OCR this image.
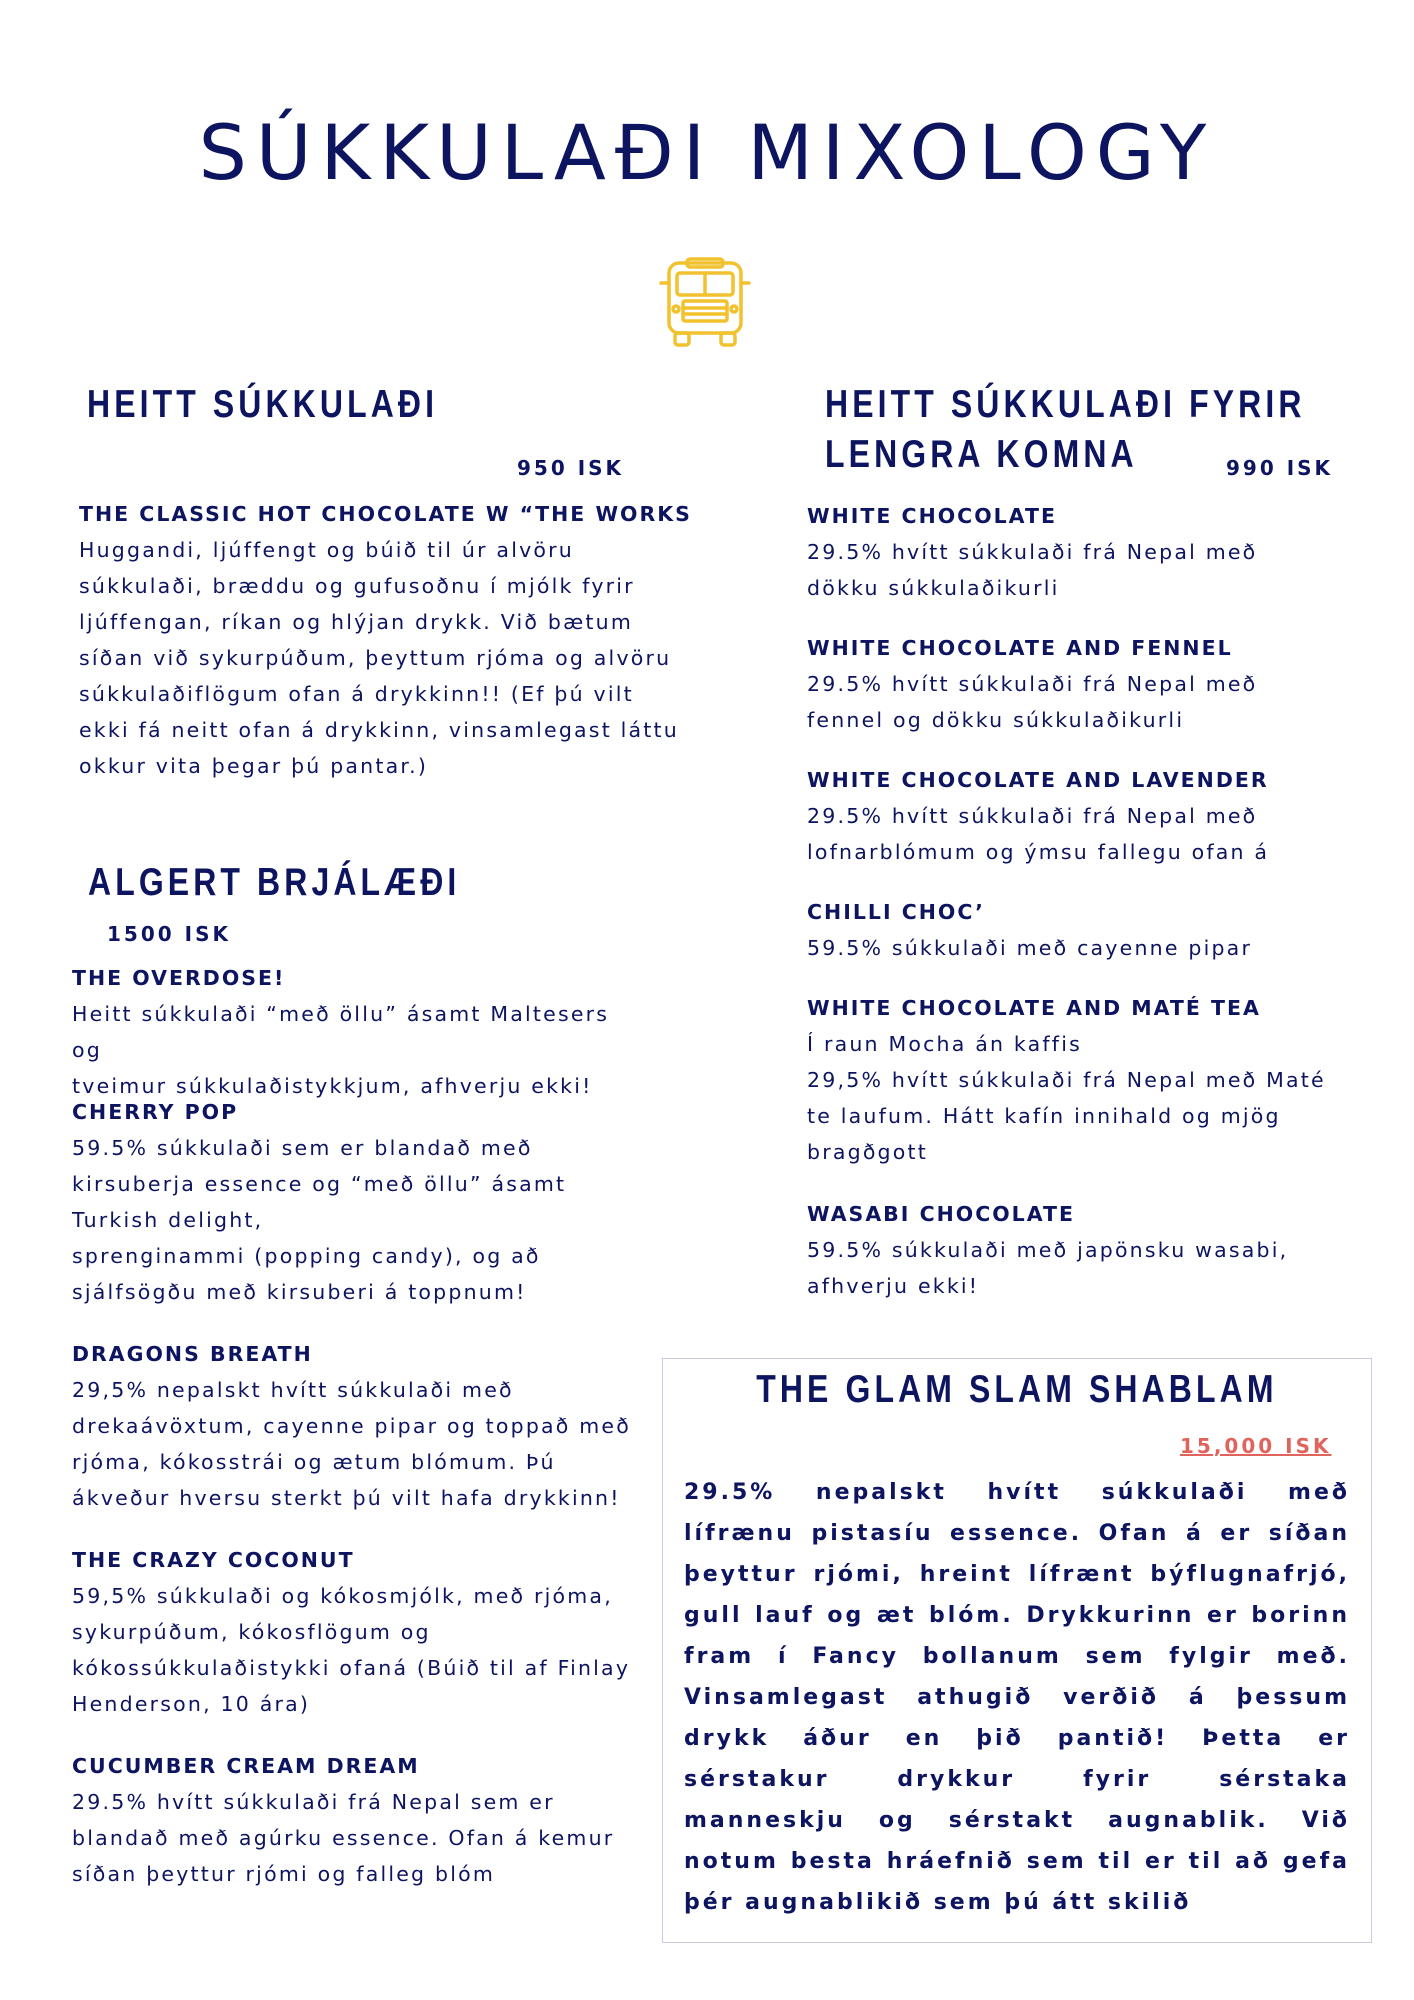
SÚKKULAÐI MIXOLOGY
HEITT SÚKKULAÐI
950 ISK
THE CLASSIC HOT CHOCOLATE W “THE WORKS
Huggandi, ljúffengt og búið til úr alvöru
súkkulaði, bræddu og gufusoðnu í mjólk fyrir
ljúffengan, ríkan og hlýjan drykk. Við bætum
síðan við sykurpúðum, þeyttum rjóma og alvöru
súkkulaðiflögum ofan á drykkinn!! (Ef þú vilt
ekki fá neitt ofan á drykkinn, vinsamlegast láttu
okkur vita þegar þú pantar.)
ALGERT BRJÁLÆÐI
1500 ISK
THE OVERDOSE!
Heitt súkkulaði “með öllu” ásamt Maltesers og
tveimur súkkulaðistykkjum, afhverju ekki!
CHERRY POP
59.5% súkkulaði sem er blandað með
kirsuberja essence og “með öllu” ásamt
Turkish delight,
sprenginammi (popping candy), og að
sjálfsögðu með kirsuberi á toppnum!
DRAGONS BREATH
29,5% nepalskt hvítt súkkulaði með
drekaávöxtum, cayenne pipar og toppað með
rjóma, kókosstrái og ætum blómum. Þú
ákveður hversu sterkt þú vilt hafa drykkinn!
THE CRAZY COCONUT
59,5% súkkulaði og kókosmjólk, með rjóma,
sykurpúðum, kókosflögum og
kókossúkkulaðistykki ofaná (Búið til af Finlay
Henderson, 10 ára)
CUCUMBER CREAM DREAM
29.5% hvítt súkkulaði frá Nepal sem er
blandað með agúrku essence. Ofan á kemur
síðan þeyttur rjómi og falleg blóm
HEITT SÚKKULAÐI FYRIR
LENGRA KOMNA	990 ISK
WHITE CHOCOLATE
29.5% hvítt súkkulaði frá Nepal með
dökku súkkulaðikurli
WHITE CHOCOLATE AND FENNEL
29.5% hvítt súkkulaði frá Nepal með
fennel og dökku súkkulaðikurli
WHITE CHOCOLATE AND LAVENDER
29.5% hvítt súkkulaði frá Nepal með
lofnarblómum og ýmsu fallegu ofan á
CHILLI CHOC’
59.5% súkkulaði með cayenne pipar
WHITE CHOCOLATE AND MATÉ TEA
Í raun Mocha án kaffis
29,5% hvítt súkkulaði frá Nepal með Maté
te laufum. Hátt kafín innihald og mjög
bragðgott
WASABI CHOCOLATE
59.5% súkkulaði með japönsku wasabi,
afhverju ekki!
THE GLAM SLAM SHABLAM
15,000 ISK
29.5% nepalskt hvítt súkkulaði með lífrænu pistasíu essence. Ofan á er síðan þeyttur rjómi, hreint lífrænt býflugnafrjó, gull lauf og æt blóm. Drykkurinn er borinn fram í Fancy bollanum sem fylgir með. Vinsamlegast athugið verðið á þessum drykk áður en þið pantið! Þetta er sérstakur drykkur fyrir sérstaka manneskju og sérstakt augnablik. Við notum besta hráefnið sem til er til að gefa þér augnablikið sem þú átt skilið
